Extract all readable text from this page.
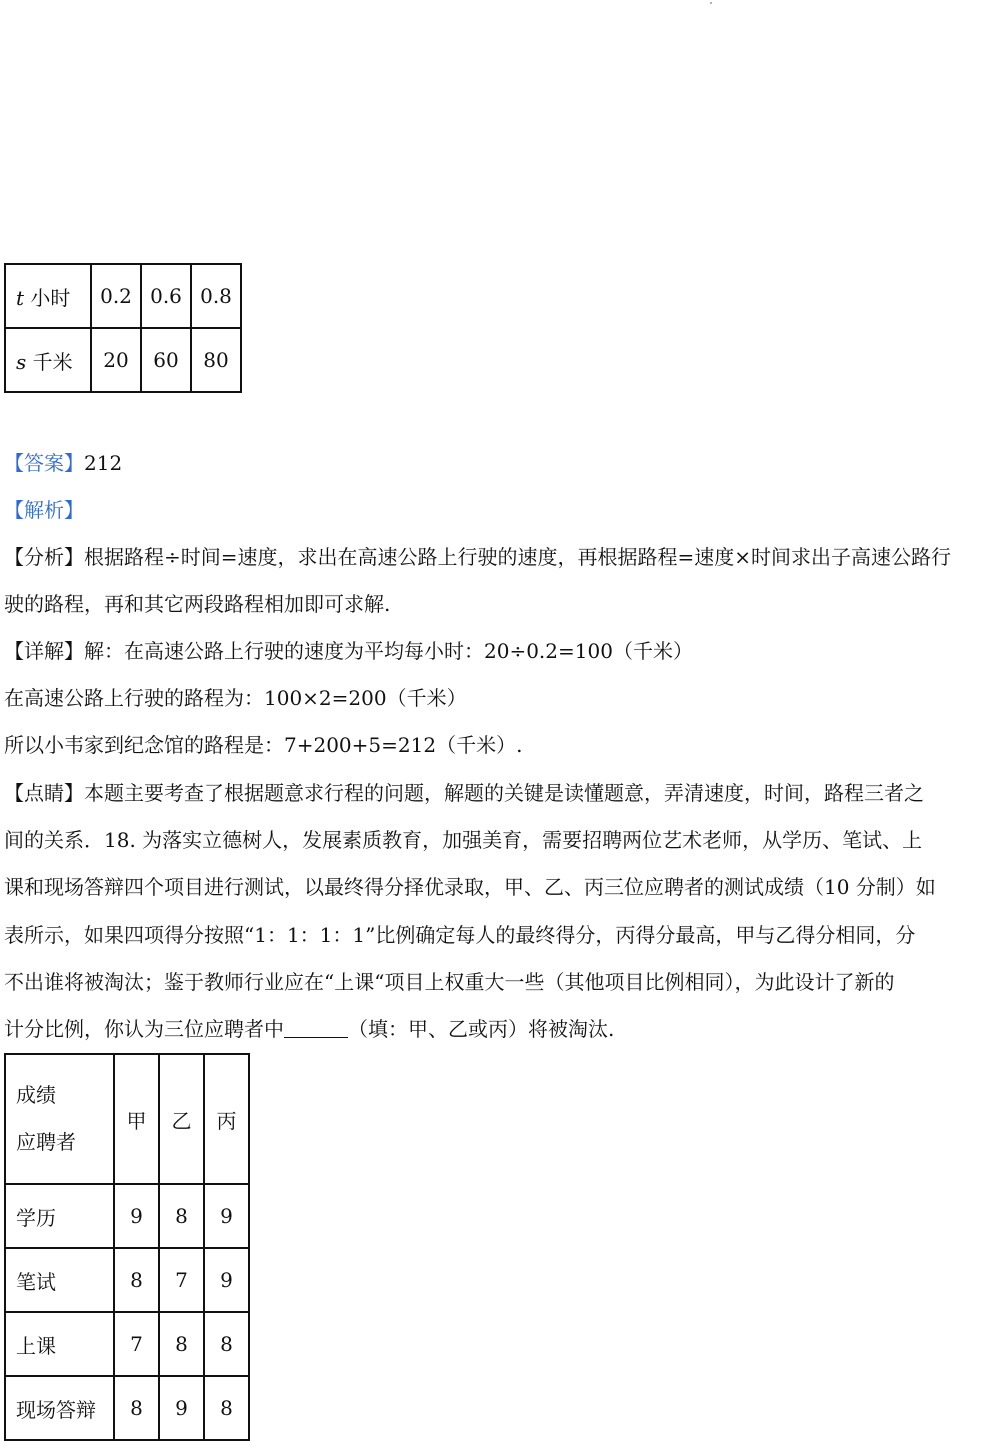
t 小时	0.2	0.6	0.8
s 千米	20	60	80

【答案】212

【解析】

【分析】根据路程÷时间=速度，求出在高速公路上行驶的速度，再根据路程=速度×时间求出子高速公路行

驶的路程，再和其它两段路程相加即可求解.

【详解】解：在高速公路上行驶的速度为平均每小时：20÷0.2=100（千米）

在高速公路上行驶的路程为：100×2=200（千米）

所以小韦家到纪念馆的路程是：7+200+5=212（千米）.

【点睛】本题主要考查了根据题意求行程的问题，解题的关键是读懂题意，弄清速度，时间，路程三者之

间的关系．18. 为落实立德树人，发展素质教育，加强美育，需要招聘两位艺术老师，从学历、笔试、上

课和现场答辩四个项目进行测试，以最终得分择优录取，甲、乙、丙三位应聘者的测试成绩（10 分制）如

表所示，如果四项得分按照“1：1：1：1”比例确定每人的最终得分，丙得分最高，甲与乙得分相同，分

不出谁将被淘汰；鉴于教师行业应在“上课“项目上权重大一些（其他项目比例相同），为此设计了新的

计分比例，你认为三位应聘者中	（填：甲、乙或丙）将被淘汰.

成绩
应聘者	甲	乙	丙
学历	9	8	9
笔试	8	7	9
上课	7	8	8
现场答辩	8	9	8
